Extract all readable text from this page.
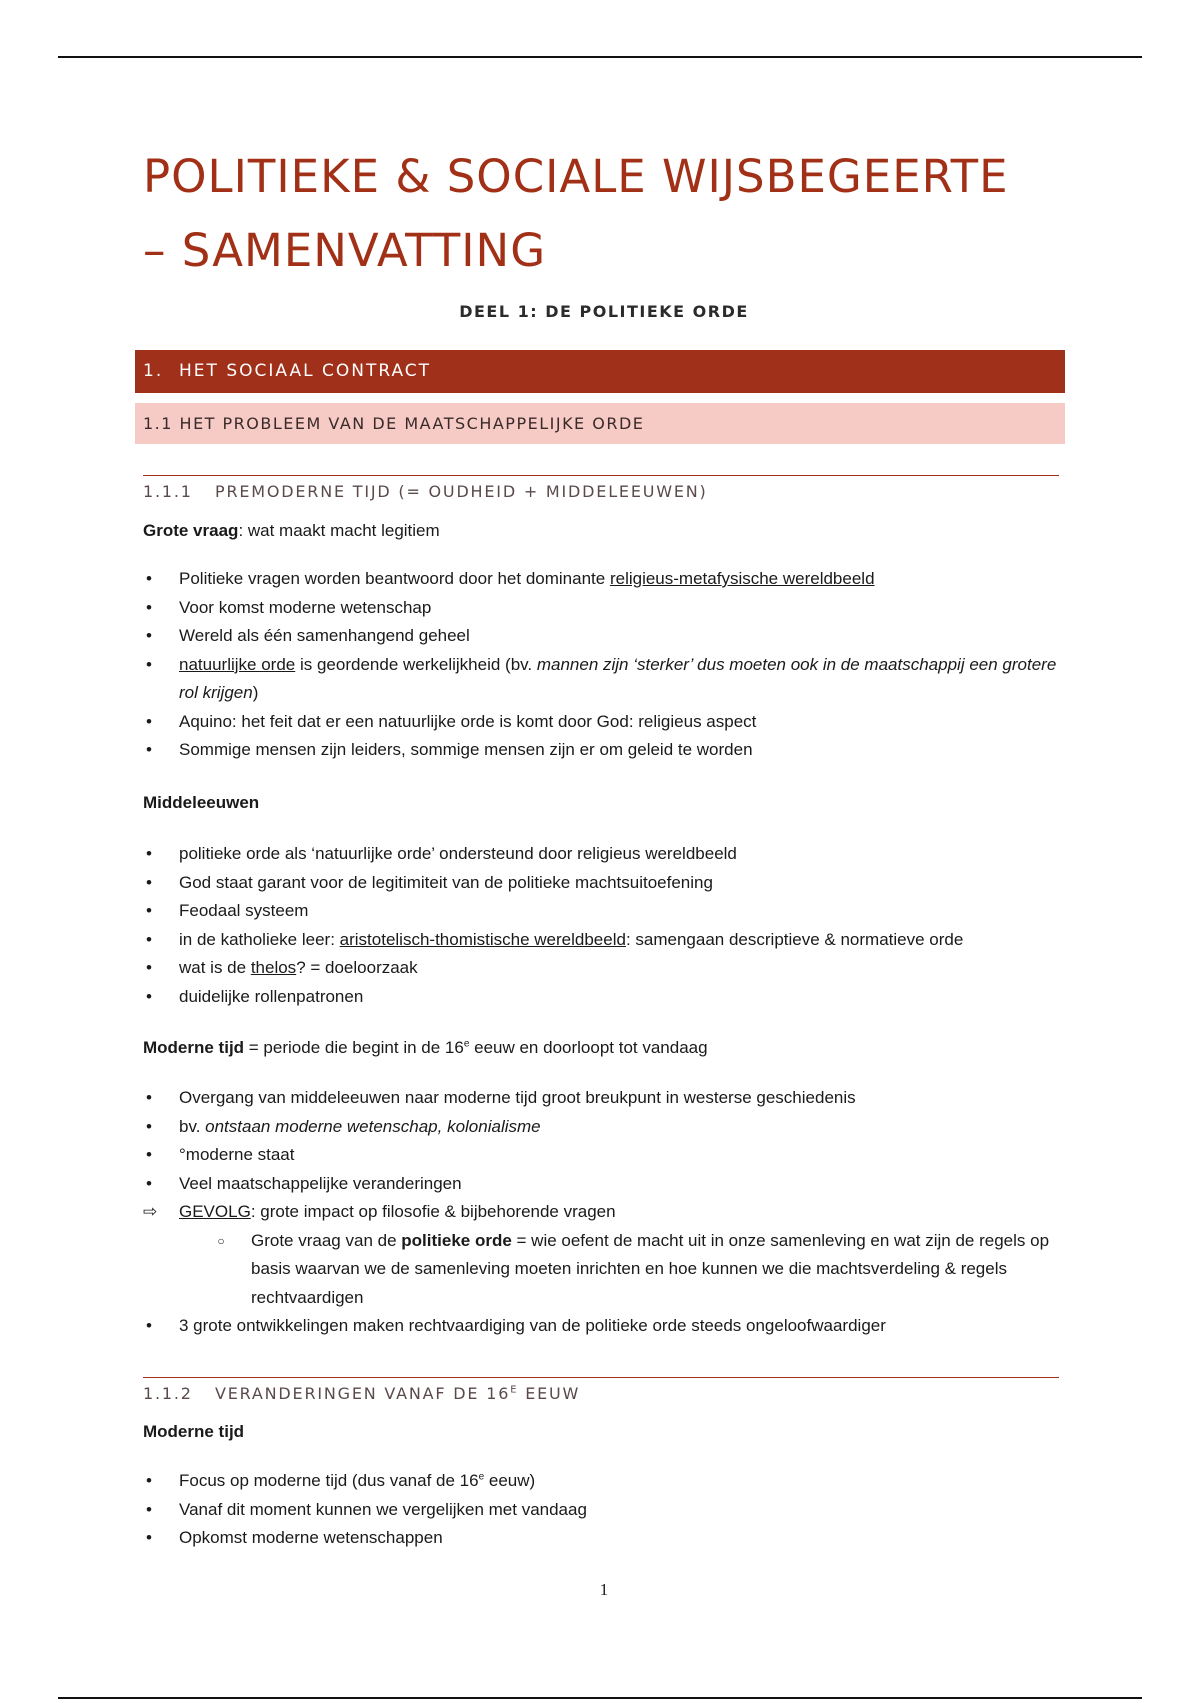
POLITIEKE & SOCIALE WIJSBEGEERTE
– SAMENVATTING
DEEL 1: DE POLITIEKE ORDE
1. HET SOCIAAL CONTRACT
1.1 HET PROBLEEM VAN DE MAATSCHAPPELIJKE ORDE
1.1.1 PREMODERNE TIJD (= OUDHEID + MIDDELEEUWEN)
Grote vraag: wat maakt macht legitiem
• Politieke vragen worden beantwoord door het dominante religieus-metafysische wereldbeeld
• Voor komst moderne wetenschap
• Wereld als één samenhangend geheel
• natuurlijke orde is geordende werkelijkheid (bv. mannen zijn ‘sterker’ dus moeten ook in de maatschappij een grotere rol krijgen)
• Aquino: het feit dat er een natuurlijke orde is komt door God: religieus aspect
• Sommige mensen zijn leiders, sommige mensen zijn er om geleid te worden
Middeleeuwen
• politieke orde als ‘natuurlijke orde’ ondersteund door religieus wereldbeeld
• God staat garant voor de legitimiteit van de politieke machtsuitoefening
• Feodaal systeem
• in de katholieke leer: aristotelisch-thomistische wereldbeeld: samengaan descriptieve & normatieve orde
• wat is de thelos? = doeloorzaak
• duidelijke rollenpatronen
Moderne tijd = periode die begint in de 16e eeuw en doorloopt tot vandaag
• Overgang van middeleeuwen naar moderne tijd groot breukpunt in westerse geschiedenis
• bv. ontstaan moderne wetenschap, kolonialisme
• °moderne staat
• Veel maatschappelijke veranderingen
⇨ GEVOLG: grote impact op filosofie & bijbehorende vragen
○ Grote vraag van de politieke orde = wie oefent de macht uit in onze samenleving en wat zijn de regels op basis waarvan we de samenleving moeten inrichten en hoe kunnen we die machtsverdeling & regels rechtvaardigen
• 3 grote ontwikkelingen maken rechtvaardiging van de politieke orde steeds ongeloofwaardiger
1.1.2 VERANDERINGEN VANAF DE $16^E$ EEUW
Moderne tijd
• Focus op moderne tijd (dus vanaf de 16e eeuw)
• Vanaf dit moment kunnen we vergelijken met vandaag
• Opkomst moderne wetenschappen
1
